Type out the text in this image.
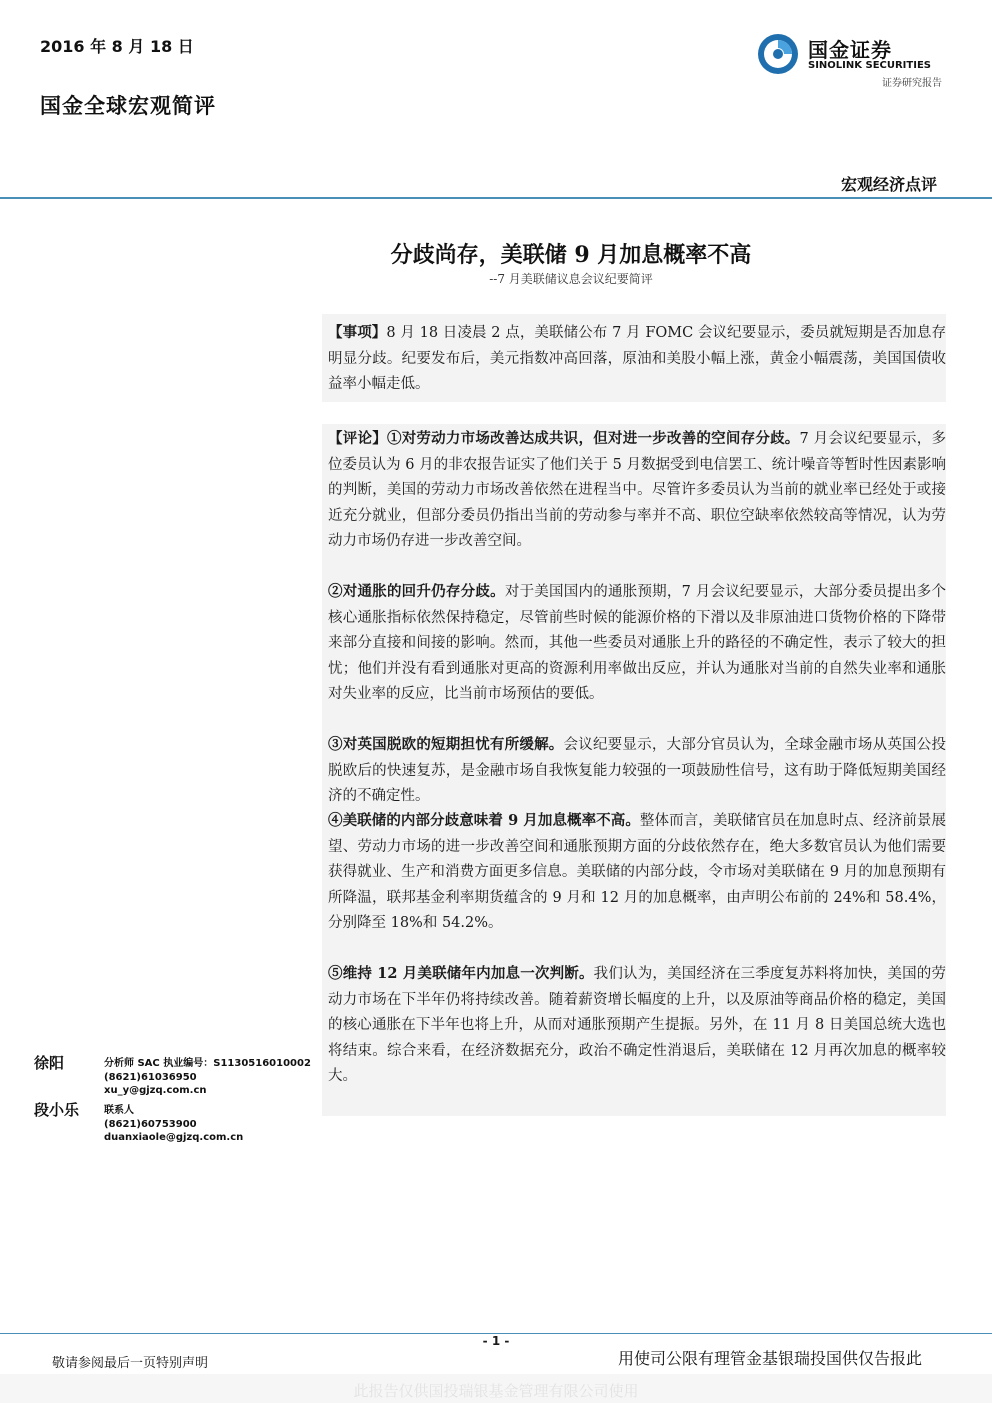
2016 年 8 月 18 日
国金全球宏观简评
国金证券
SINOLINK SECURITIES
证券研究报告
宏观经济点评
分歧尚存，美联储 9 月加息概率不高
--7 月美联储议息会议纪要简评
【事项】8 月 18 日凌晨 2 点，美联储公布 7 月 FOMC 会议纪要显示，委员就短期是否加息存明显分歧。纪要发布后，美元指数冲高回落，原油和美股小幅上涨，黄金小幅震荡，美国国债收益率小幅走低。
【评论】①对劳动力市场改善达成共识，但对进一步改善的空间存分歧。7 月会议纪要显示，多位委员认为 6 月的非农报告证实了他们关于 5 月数据受到电信罢工、统计噪音等暂时性因素影响的判断，美国的劳动力市场改善依然在进程当中。尽管许多委员认为当前的就业率已经处于或接近充分就业，但部分委员仍指出当前的劳动参与率并不高、职位空缺率依然较高等情况，认为劳动力市场仍存进一步改善空间。
②对通胀的回升仍存分歧。对于美国国内的通胀预期，7 月会议纪要显示，大部分委员提出多个核心通胀指标依然保持稳定，尽管前些时候的能源价格的下滑以及非原油进口货物价格的下降带来部分直接和间接的影响。然而，其他一些委员对通胀上升的路径的不确定性，表示了较大的担忧；他们并没有看到通胀对更高的资源利用率做出反应，并认为通胀对当前的自然失业率和通胀对失业率的反应，比当前市场预估的要低。
③对英国脱欧的短期担忧有所缓解。会议纪要显示，大部分官员认为，全球金融市场从英国公投脱欧后的快速复苏，是金融市场自我恢复能力较强的一项鼓励性信号，这有助于降低短期美国经济的不确定性。
④美联储的内部分歧意味着 9 月加息概率不高。整体而言，美联储官员在加息时点、经济前景展望、劳动力市场的进一步改善空间和通胀预期方面的分歧依然存在，绝大多数官员认为他们需要获得就业、生产和消费方面更多信息。美联储的内部分歧，令市场对美联储在 9 月的加息预期有所降温，联邦基金利率期货蕴含的 9 月和 12 月的加息概率，由声明公布前的 24%和 58.4%，分别降至 18%和 54.2%。
⑤维持 12 月美联储年内加息一次判断。我们认为，美国经济在三季度复苏料将加快，美国的劳动力市场在下半年仍将持续改善。随着薪资增长幅度的上升，以及原油等商品价格的稳定，美国的核心通胀在下半年也将上升，从而对通胀预期产生提振。另外，在 11 月 8 日美国总统大选也将结束。综合来看，在经济数据充分，政治不确定性消退后，美联储在 12 月再次加息的概率较大。
徐阳	分析师 SAC 执业编号：S1130516010002
(8621)61036950
xu_y@gjzq.com.cn
段小乐 联系人
(8621)60753900
duanxiaole@gjzq.com.cn
- 1 -
敬请参阅最后一页特别声明	用使司公限有理管金基银瑞投国供仅告报此
此报告仅供国投瑞银基金管理有限公司使用
